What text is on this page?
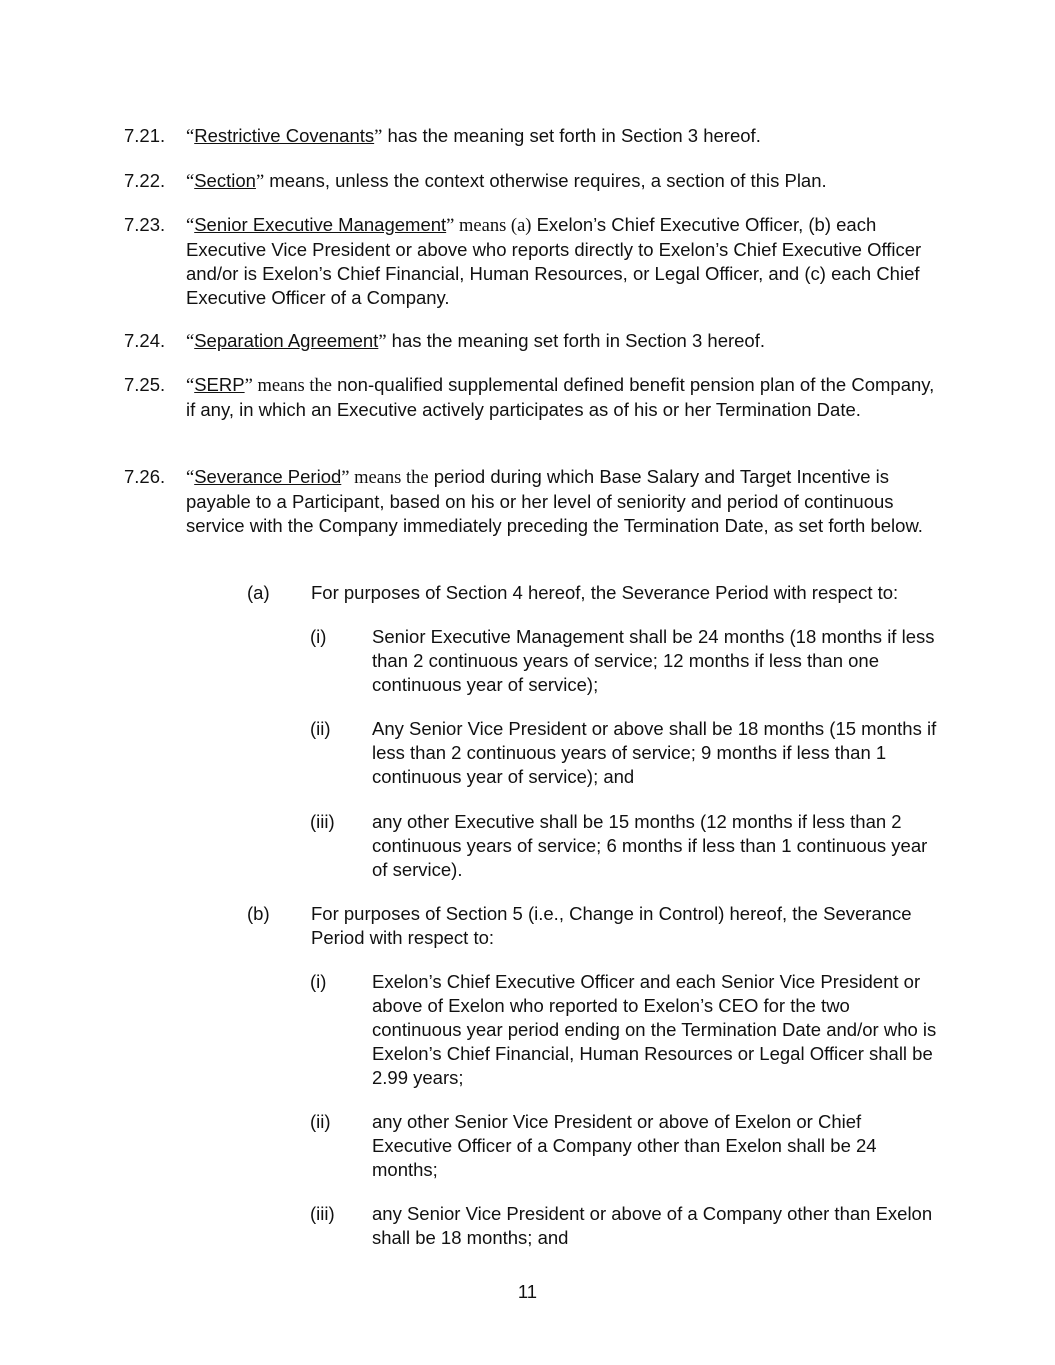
7.21. “Restrictive Covenants” has the meaning set forth in Section 3 hereof.
7.22. “Section” means, unless the context otherwise requires, a section of this Plan.
7.23. “Senior Executive Management” means (a) Exelon’s Chief Executive Officer, (b) each Executive Vice President or above who reports directly to Exelon’s Chief Executive Officer and/or is Exelon’s Chief Financial, Human Resources, or Legal Officer, and (c) each Chief Executive Officer of a Company.
7.24. “Separation Agreement” has the meaning set forth in Section 3 hereof.
7.25. “SERP” means the non-qualified supplemental defined benefit pension plan of the Company, if any, in which an Executive actively participates as of his or her Termination Date.
7.26. “Severance Period” means the period during which Base Salary and Target Incentive is payable to a Participant, based on his or her level of seniority and period of continuous service with the Company immediately preceding the Termination Date, as set forth below.
(a) For purposes of Section 4 hereof, the Severance Period with respect to:
(i) Senior Executive Management shall be 24 months (18 months if less than 2 continuous years of service; 12 months if less than one continuous year of service);
(ii) Any Senior Vice President or above shall be 18 months (15 months if less than 2 continuous years of service; 9 months if less than 1 continuous year of service); and
(iii) any other Executive shall be 15 months (12 months if less than 2 continuous years of service; 6 months if less than 1 continuous year of service).
(b) For purposes of Section 5 (i.e., Change in Control) hereof, the Severance Period with respect to:
(i) Exelon’s Chief Executive Officer and each Senior Vice President or above of Exelon who reported to Exelon’s CEO for the two continuous year period ending on the Termination Date and/or who is Exelon’s Chief Financial, Human Resources or Legal Officer shall be 2.99 years;
(ii) any other Senior Vice President or above of Exelon or Chief Executive Officer of a Company other than Exelon shall be 24 months;
(iii) any Senior Vice President or above of a Company other than Exelon shall be 18 months; and
11
